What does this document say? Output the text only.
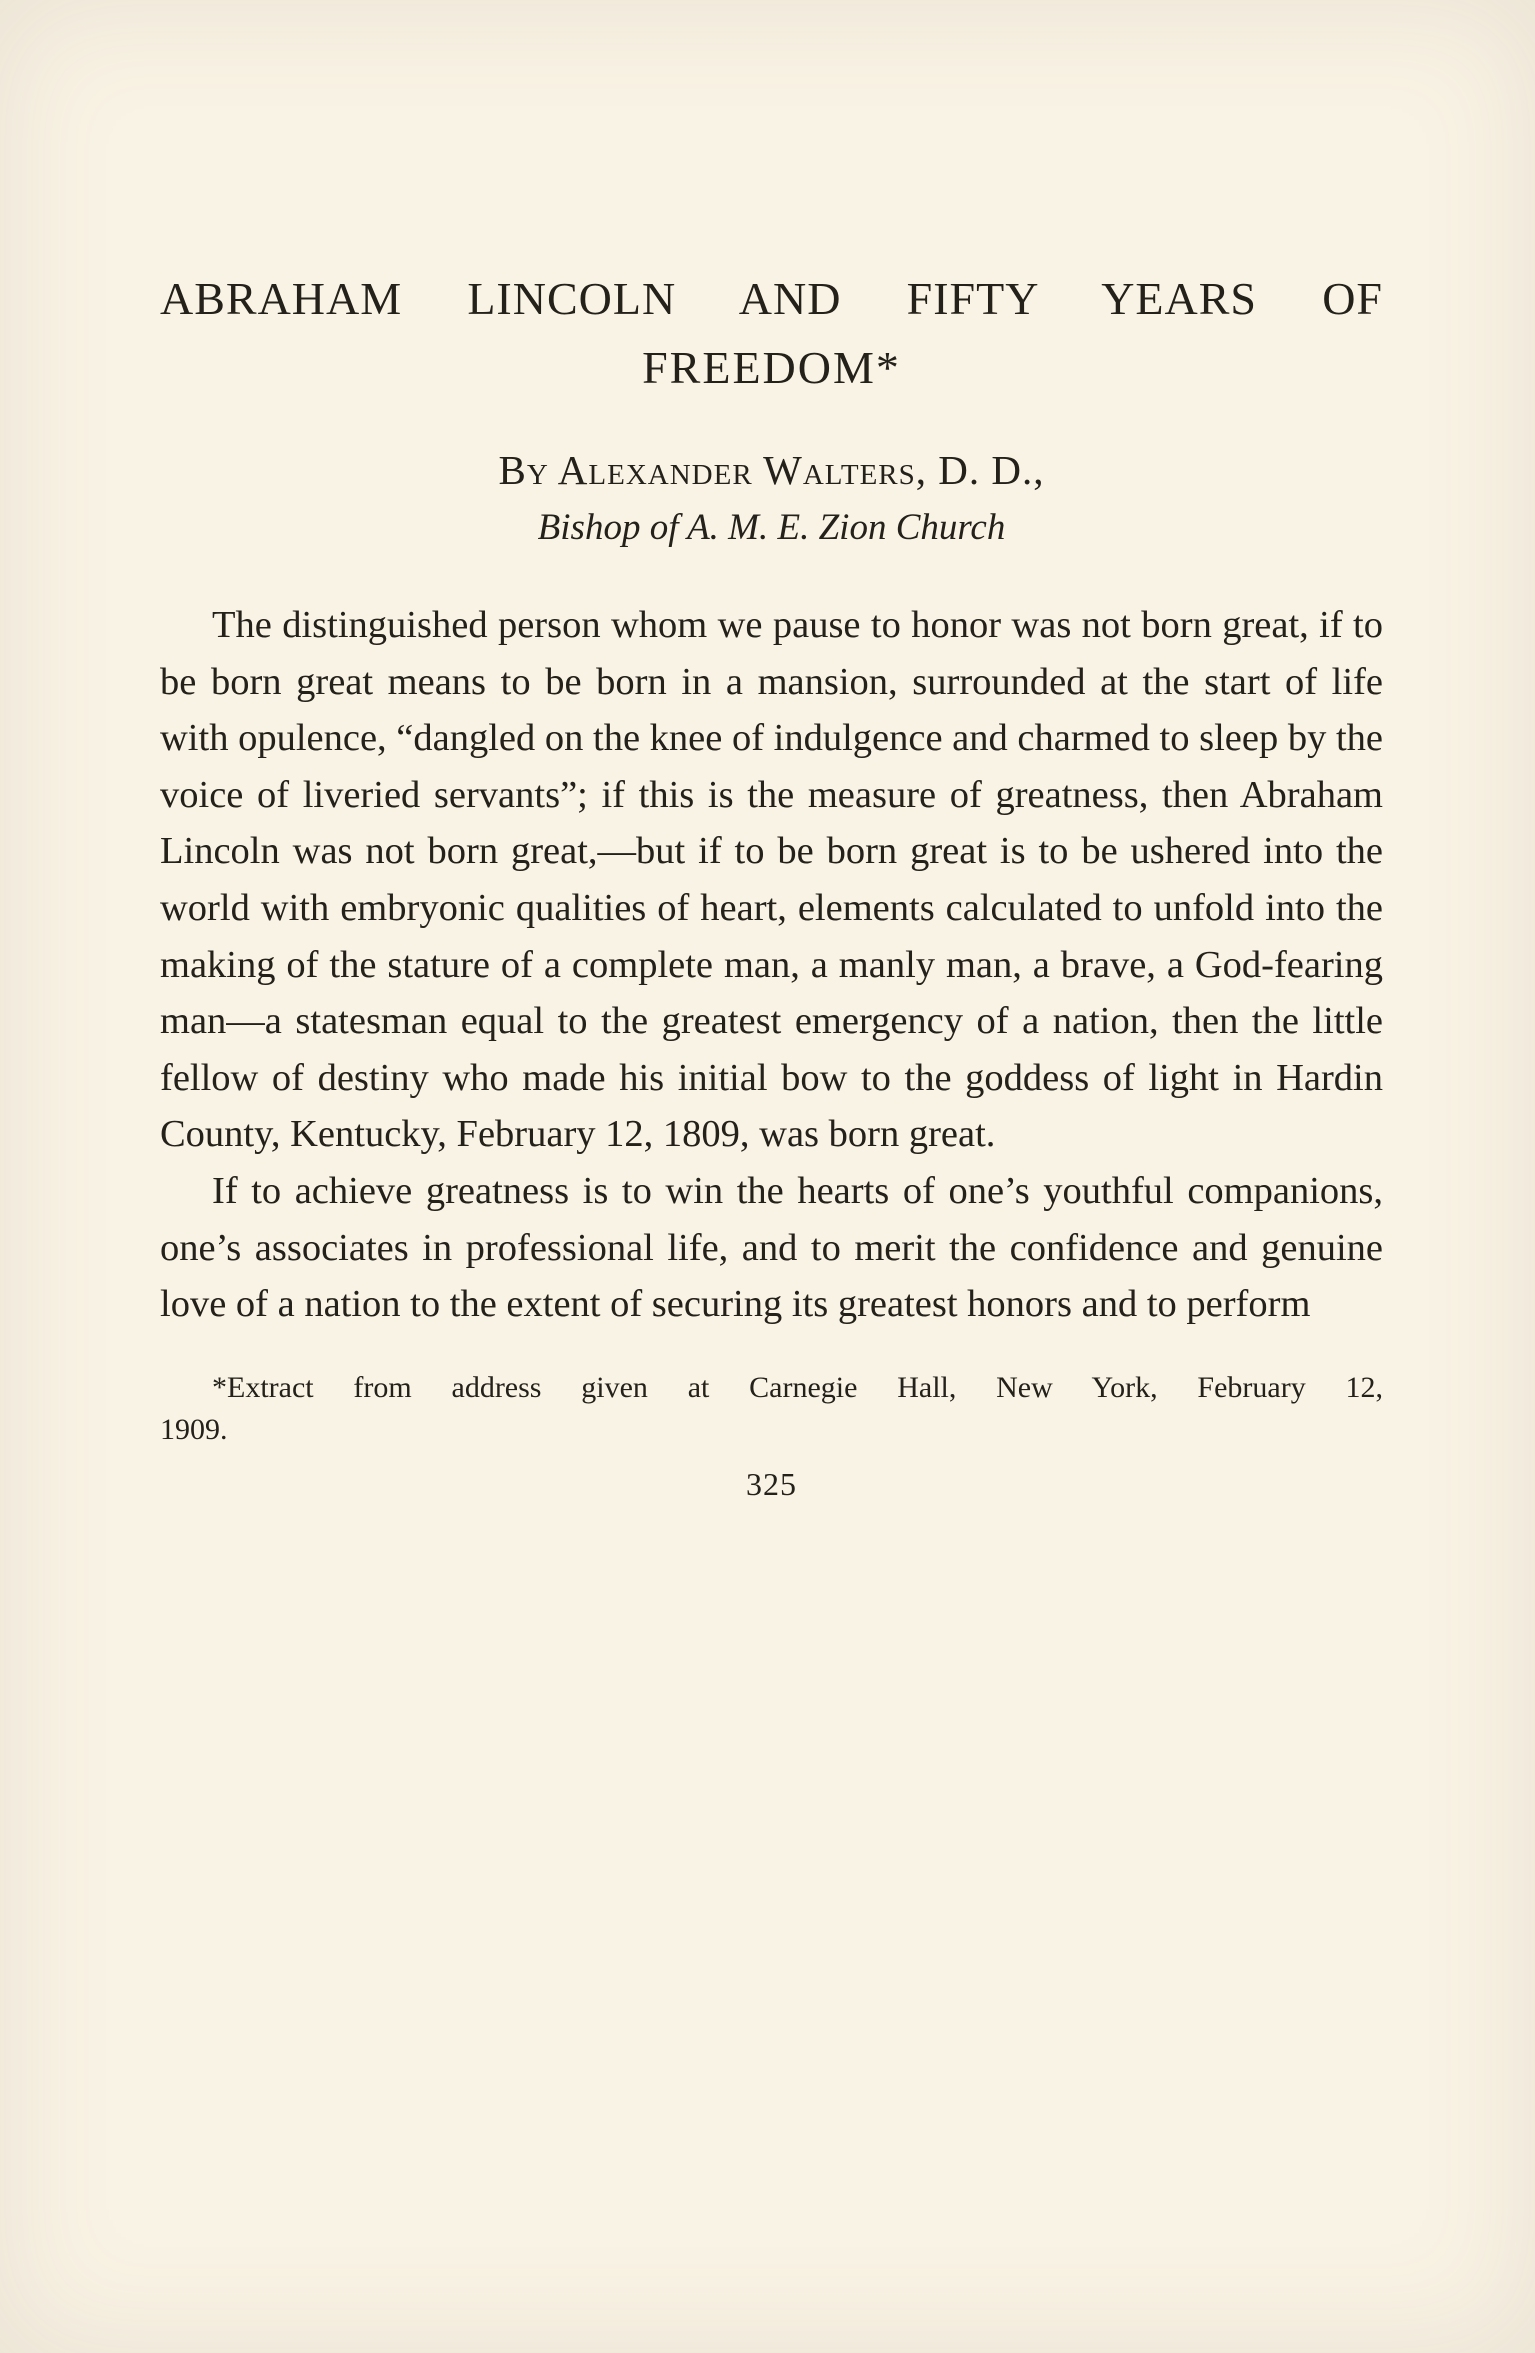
ABRAHAM LINCOLN AND FIFTY YEARS OF
FREEDOM*
By Alexander Walters, D. D.,
Bishop of A. M. E. Zion Church

The distinguished person whom we pause to honor was not born great, if to be born great means to be born in a mansion, surrounded at the start of life with opulence, “dangled on the knee of indulgence and charmed to sleep by the voice of liveried servants”; if this is the measure of greatness, then Abraham Lincoln was not born great,—but if to be born great is to be ushered into the world with embryonic qualities of heart, elements calculated to unfold into the making of the stature of a complete man, a manly man, a brave, a God-fearing man—a statesman equal to the greatest emergency of a nation, then the little fellow of destiny who made his initial bow to the goddess of light in Hardin County, Kentucky, February 12, 1809, was born great.

If to achieve greatness is to win the hearts of one’s youthful companions, one’s associates in professional life, and to merit the confidence and genuine love of a nation to the extent of securing its greatest honors and to perform

*Extract from address given at Carnegie Hall, New York, February 12,
1909.
325
